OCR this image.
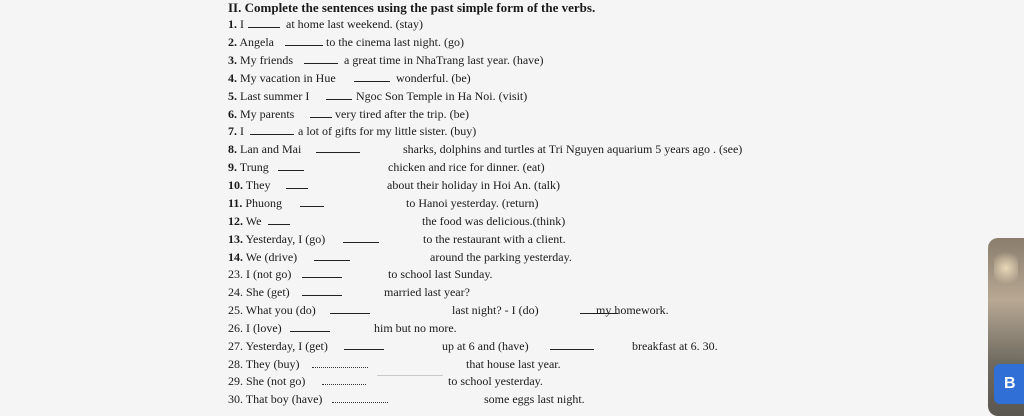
II. Complete the sentences using the past simple form of the verbs.
1. I	at home last weekend. (stay)
2. Angela	to the cinema last night. (go)
3. My friends	a great time in NhaTrang last year. (have)
4. My vacation in Hue	wonderful. (be)
5. Last summer I	Ngoc Son Temple in Ha Noi. (visit)
6. My parents	very tired after the trip. (be)
7. I	a lot of gifts for my little sister. (buy)
8. Lan and Mai	sharks, dolphins and turtles at Tri Nguyen aquarium 5 years ago . (see)
9. Trung	chicken and rice for dinner. (eat)
10. They	about their holiday in Hoi An. (talk)
11. Phuong	to Hanoi yesterday. (return)
12. We	the food was delicious.(think)
13. Yesterday, I (go)	to the restaurant with a client.
14. We (drive)	around the parking yesterday.
23. I (not go)	to school last Sunday.
24. She (get)	married last year?
25. What you (do)	last night? - I (do)	my homework.
26. I (love)	him but no more.
27. Yesterday, I (get)	up at 6 and (have)	breakfast at 6. 30.
28. They (buy)	that house last year.
29. She (not go)	to school yesterday.
30. That boy (have)	some eggs last night.
B
